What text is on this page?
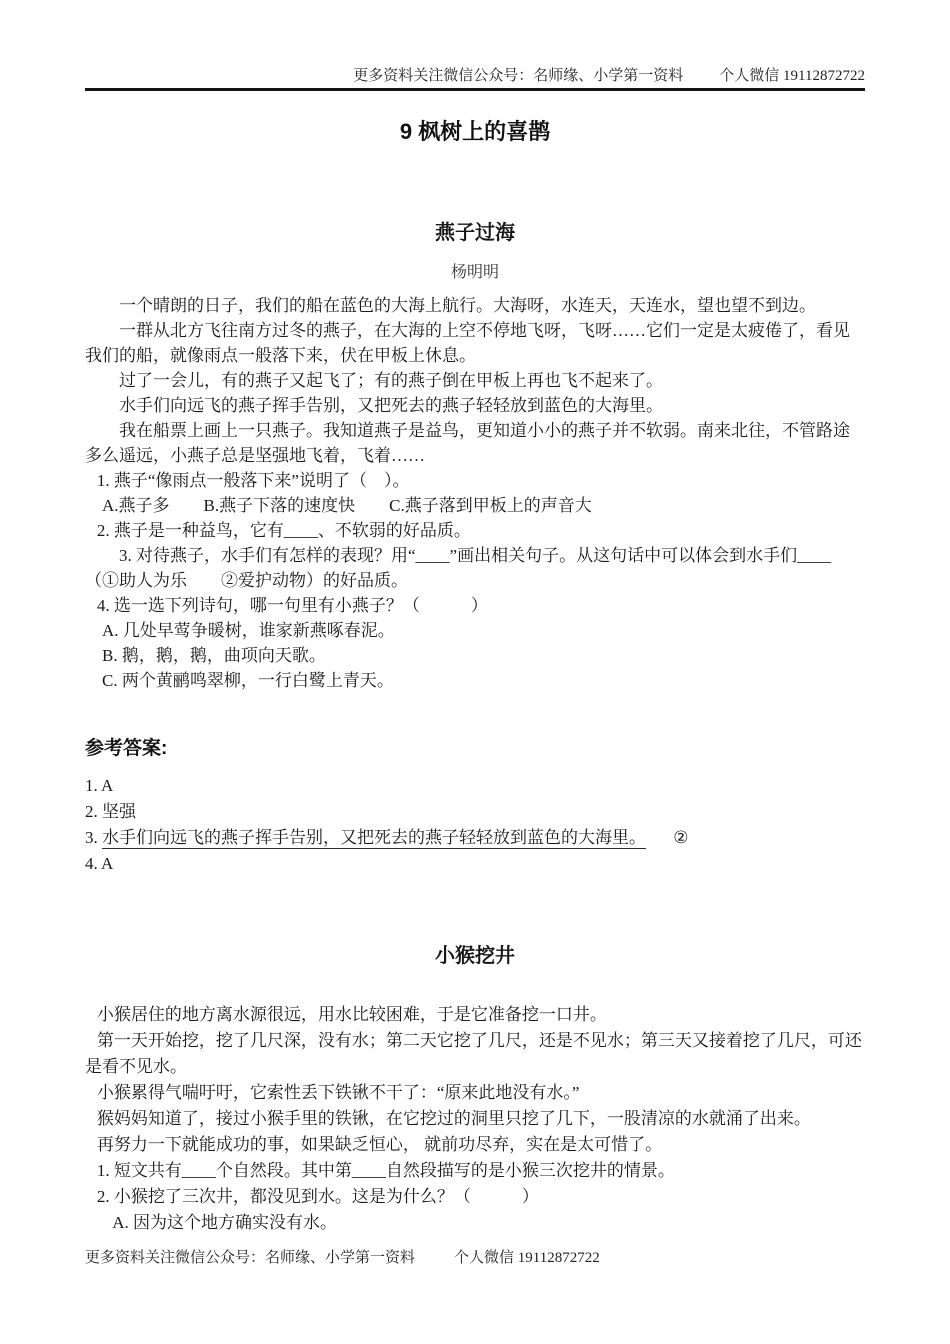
更多资料关注微信公众号：名师缘、小学第一资料 个人微信 19112872722
9 枫树上的喜鹊
燕子过海
杨明明

一个晴朗的日子，我们的船在蓝色的大海上航行。大海呀，水连天，天连水，望也望不到边。

一群从北方飞往南方过冬的燕子，在大海的上空不停地飞呀，飞呀……它们一定是太疲倦了，看见我们的船，就像雨点一般落下来，伏在甲板上休息。

过了一会儿，有的燕子又起飞了；有的燕子倒在甲板上再也飞不起来了。

水手们向远飞的燕子挥手告别，又把死去的燕子轻轻放到蓝色的大海里。

我在船票上画上一只燕子。我知道燕子是益鸟，更知道小小的燕子并不软弱。南来北往，不管路途多么遥远，小燕子总是坚强地飞着，飞着……

1. 燕子“像雨点一般落下来”说明了（　）。
A.燕子多　　B.燕子下落的速度快　　C.燕子落到甲板上的声音大
2. 燕子是一种益鸟，它有____、不软弱的好品质。
3. 对待燕子，水手们有怎样的表现？用“____”画出相关句子。从这句话中可以体会到水手们____（①助人为乐　　②爱护动物）的好品质。
4. 选一选下列诗句，哪一句里有小燕子？（　　　）
A. 几处早莺争暖树，谁家新燕啄春泥。
B. 鹅，鹅，鹅，曲项向天歌。
C. 两个黄鹂鸣翠柳，一行白鹭上青天。
参考答案:
1. A
2. 坚强
3. 水手们向远飞的燕子挥手告别，又把死去的燕子轻轻放到蓝色的大海里。 ②
4. A
小猴挖井

小猴居住的地方离水源很远，用水比较困难，于是它准备挖一口井。

第一天开始挖，挖了几尺深，没有水；第二天它挖了几尺，还是不见水；第三天又接着挖了几尺，可还是看不见水。

小猴累得气喘吁吁，它索性丢下铁锹不干了：“原来此地没有水。”

猴妈妈知道了，接过小猴手里的铁锹，在它挖过的洞里只挖了几下，一股清凉的水就涌了出来。

再努力一下就能成功的事，如果缺乏恒心， 就前功尽弃，实在是太可惜了。

1. 短文共有____个自然段。其中第____自然段描写的是小猴三次挖井的情景。
2. 小猴挖了三次井，都没见到水。这是为什么？（　　　）
A. 因为这个地方确实没有水。
更多资料关注微信公众号：名师缘、小学第一资料	个人微信 19112872722
